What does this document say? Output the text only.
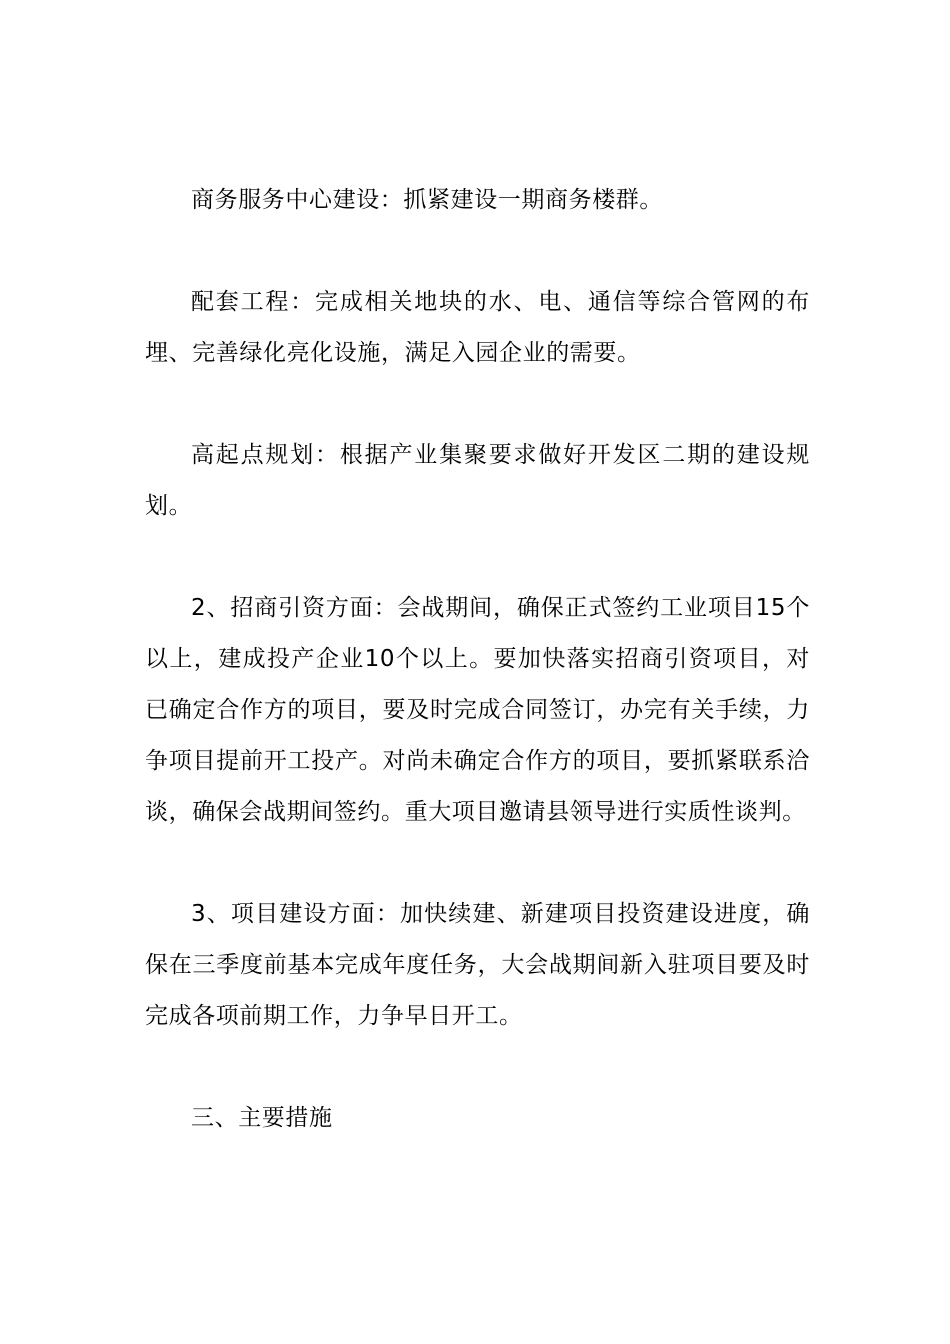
商务服务中心建设：抓紧建设一期商务楼群。

配套工程：完成相关地块的水、电、通信等综合管网的布埋、完善绿化亮化设施，满足入园企业的需要。

高起点规划：根据产业集聚要求做好开发区二期的建设规划。

2、招商引资方面：会战期间，确保正式签约工业项目15个以上，建成投产企业10个以上。要加快落实招商引资项目，对已确定合作方的项目，要及时完成合同签订，办完有关手续，力争项目提前开工投产。对尚未确定合作方的项目，要抓紧联系洽谈，确保会战期间签约。重大项目邀请县领导进行实质性谈判。

3、项目建设方面：加快续建、新建项目投资建设进度，确保在三季度前基本完成年度任务，大会战期间新入驻项目要及时完成各项前期工作，力争早日开工。

三、主要措施
